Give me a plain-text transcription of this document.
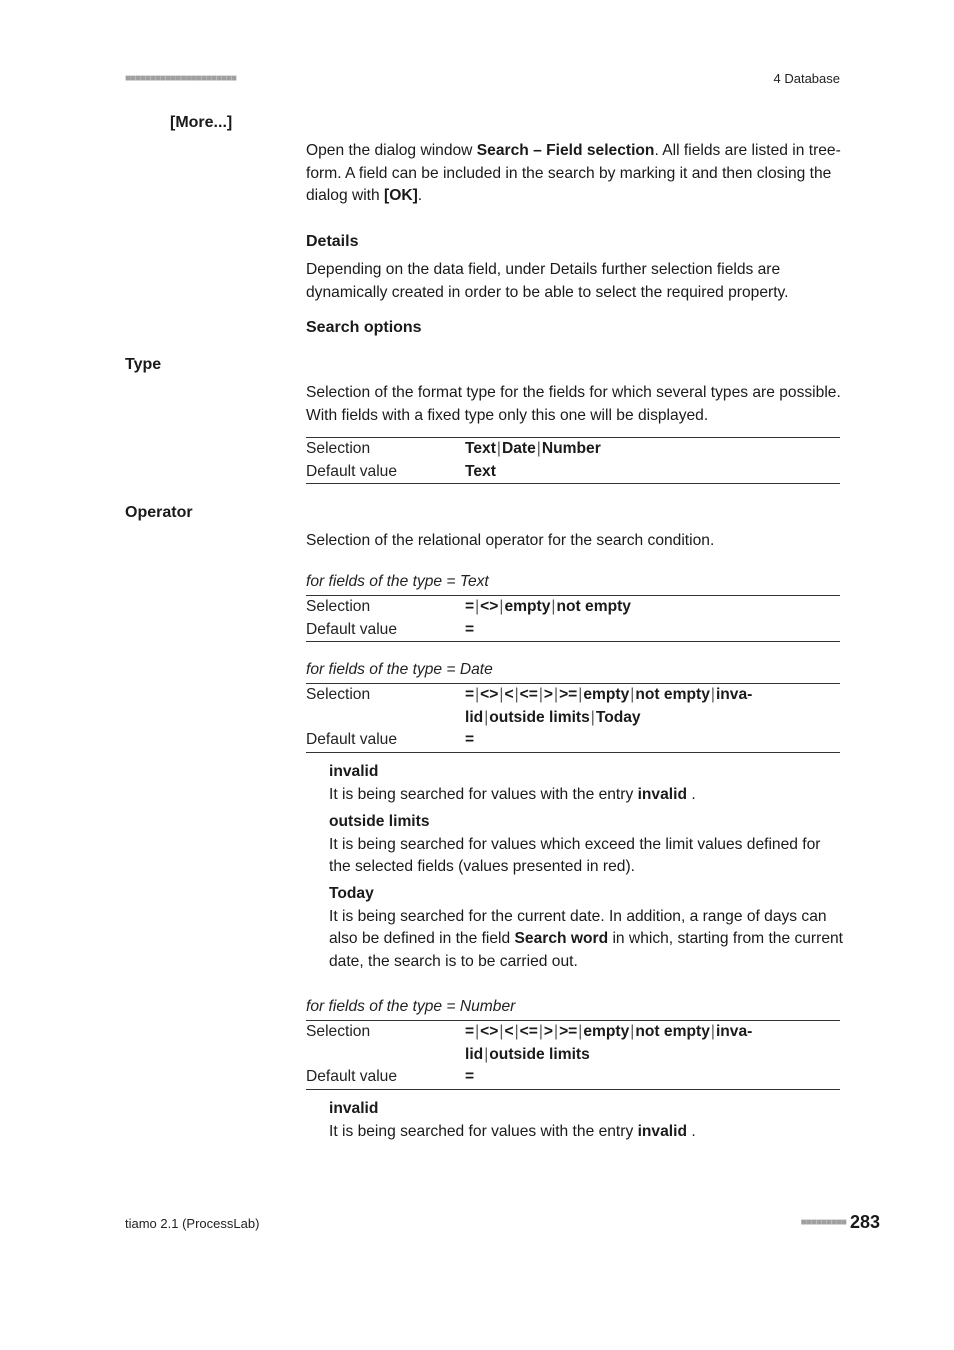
■■■■■■■■■■■■■■■■■■■■■■	4 Database
[More...]
Open the dialog window Search – Field selection. All fields are listed in tree-form. A field can be included in the search by marking it and then closing the dialog with [OK].
Details
Depending on the data field, under Details further selection fields are dynamically created in order to be able to select the required property.
Search options
Type
Selection of the format type for the fields for which several types are possible. With fields with a fixed type only this one will be displayed.
Selection	Text|Date|Number
Default value	Text
Operator
Selection of the relational operator for the search condition.
for fields of the type = Text
Selection	=|<>|empty|not empty
Default value	=
for fields of the type = Date
Selection	=|<>|<|<=|>|>=|empty|not empty|inva-
lid|outside limits|Today
Default value	=
invalid
It is being searched for values with the entry invalid .
outside limits
It is being searched for values which exceed the limit values defined for the selected fields (values presented in red).
Today
It is being searched for the current date. In addition, a range of days can also be defined in the field Search word in which, starting from the current date, the search is to be carried out.
for fields of the type = Number
Selection	=|<>|<|<=|>|>=|empty|not empty|inva-
lid|outside limits
Default value	=
invalid
It is being searched for values with the entry invalid .
tiamo 2.1 (ProcessLab)	■■■■■■■■■ 283
